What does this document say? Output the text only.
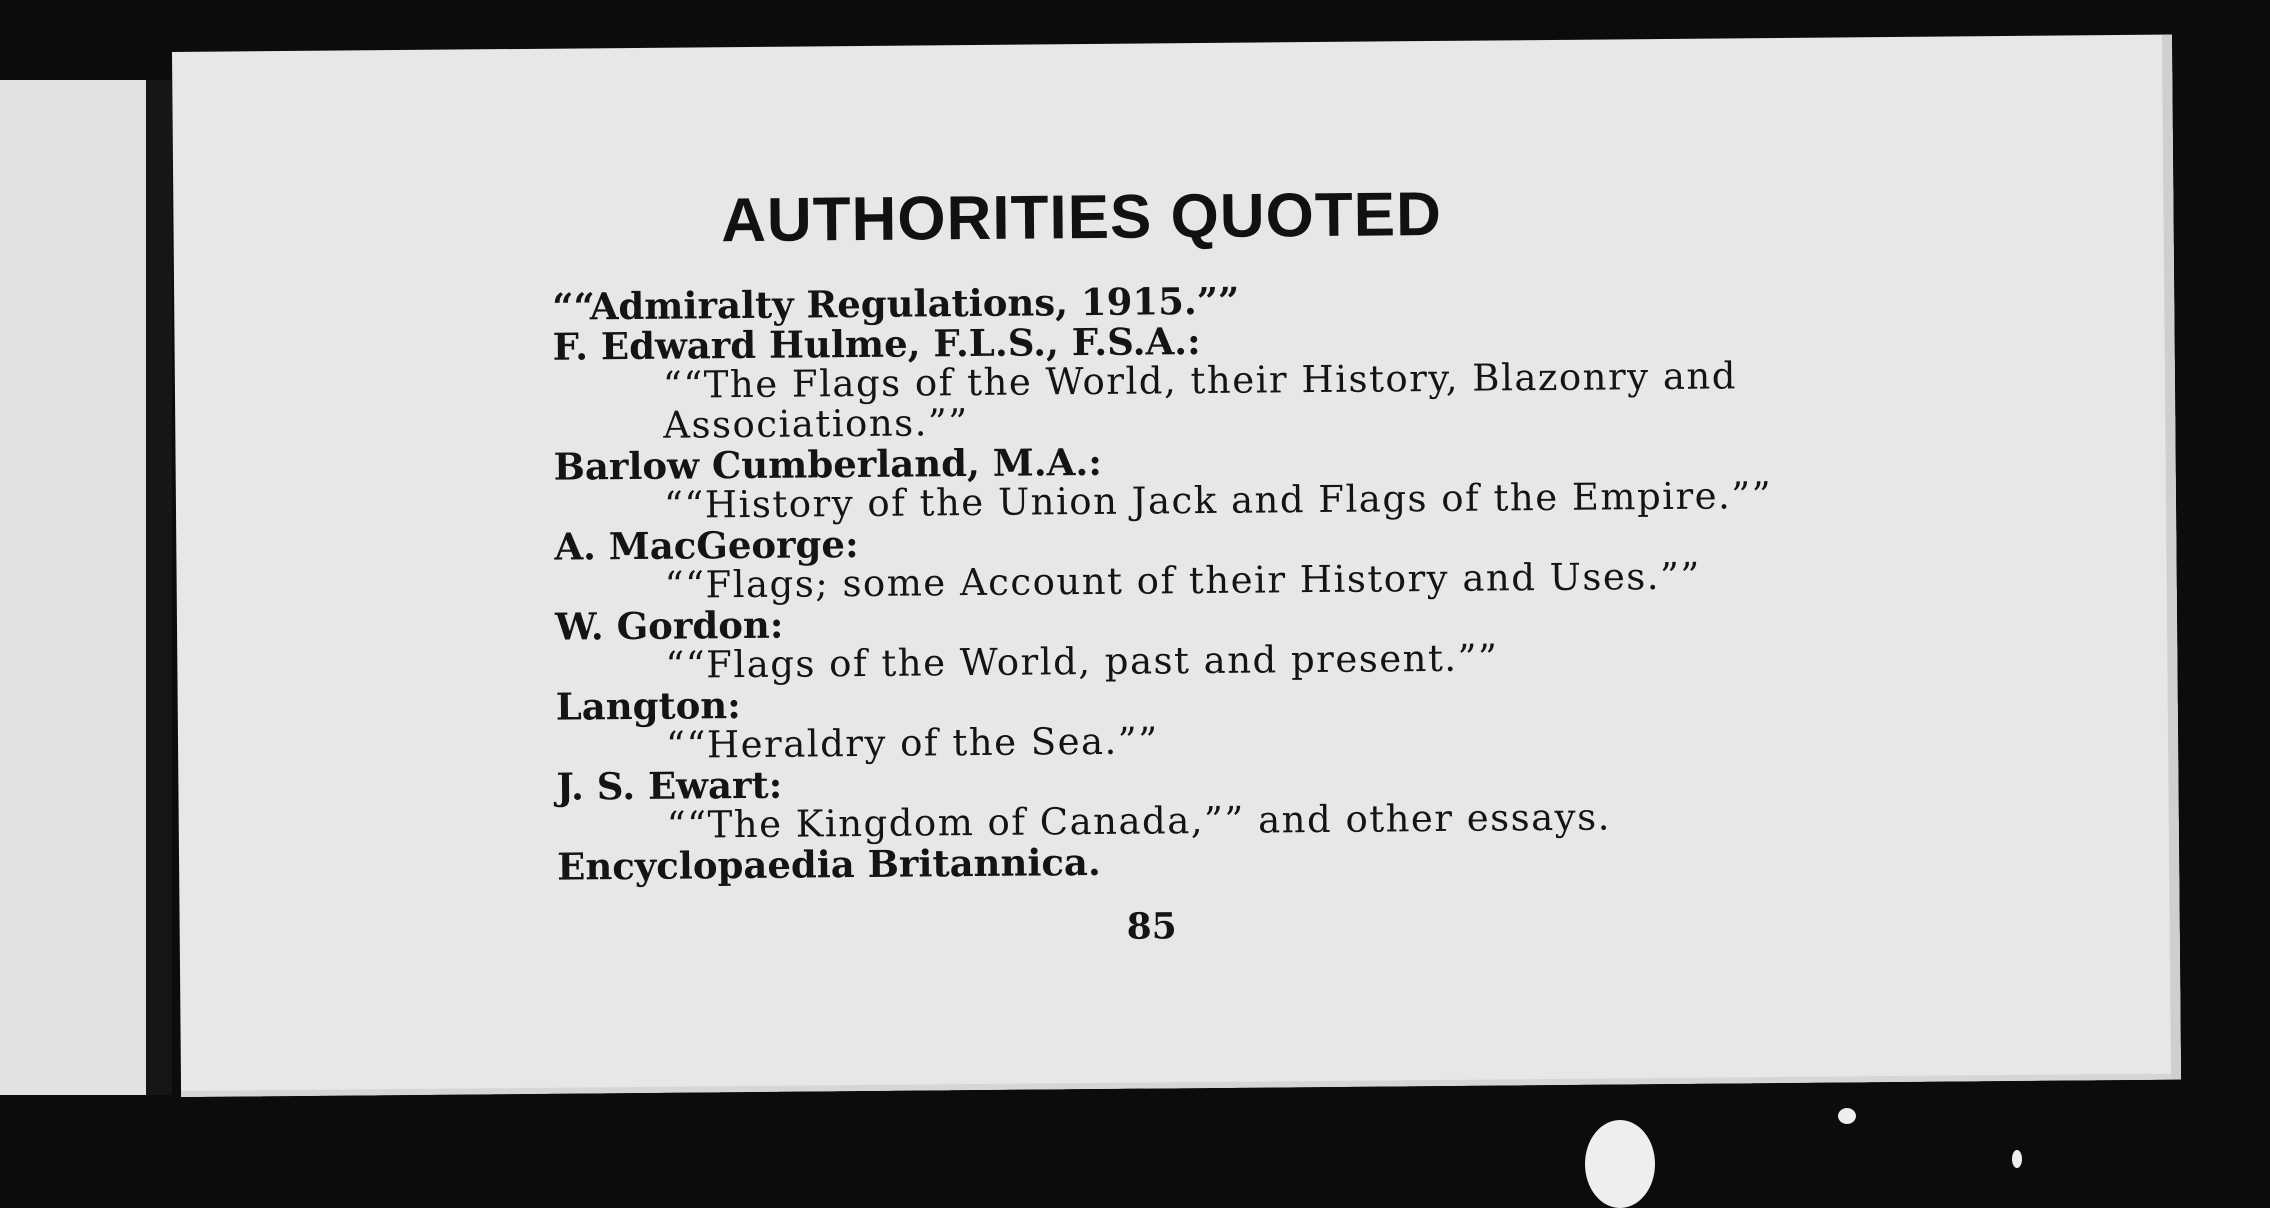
AUTHORITIES QUOTED
““Admiralty Regulations, 1915.””
F. Edward Hulme, F.L.S., F.S.A.:
““The Flags of the World, their History, Blazonry and
Associations.””
Barlow Cumberland, M.A.:
““History of the Union Jack and Flags of the Empire.””
A. MacGeorge:
““Flags; some Account of their History and Uses.””
W. Gordon:
““Flags of the World, past and present.””
Langton:
““Heraldry of the Sea.””
J. S. Ewart:
““The Kingdom of Canada,”” and other essays.
Encyclopaedia Britannica.
85
